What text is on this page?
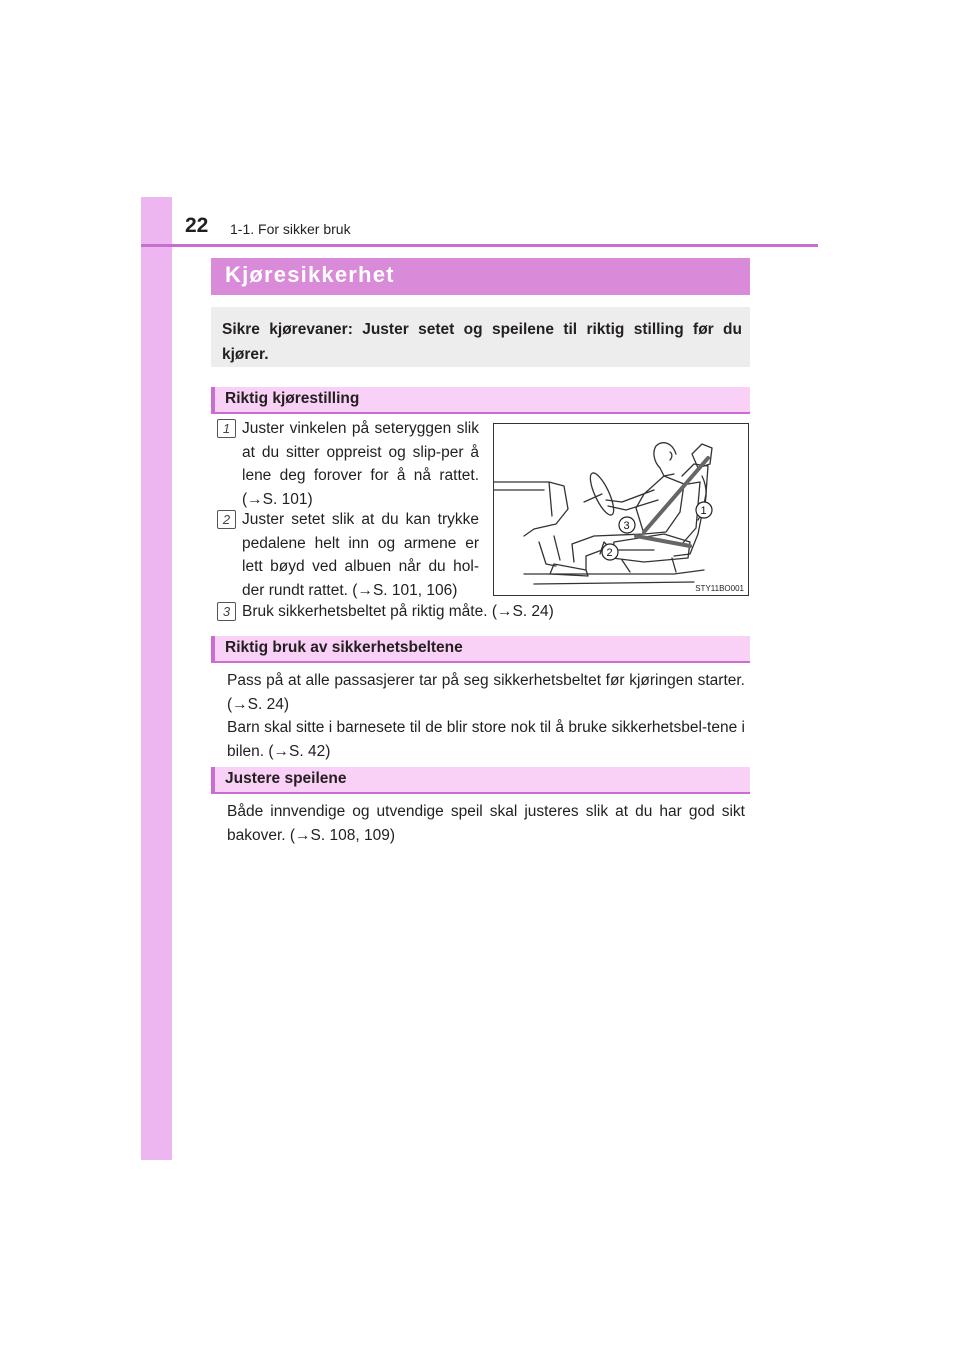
22 1-1. For sikker bruk
Kjøresikkerhet
Sikre kjørevaner: Juster setet og speilene til riktig stilling før du kjører.
Riktig kjørestilling
1 Juster vinkelen på seteryggen slik at du sitter oppreist og slip-per å lene deg forover for å nå rattet. (→S. 101)
2 Juster setet slik at du kan trykke pedalene helt inn og armene er lett bøyd ved albuen når du hol-der rundt rattet. (→S. 101, 106)
3 Bruk sikkerhetsbeltet på riktig måte. (→S. 24)
1
2
3
STY11BO001
Riktig bruk av sikkerhetsbeltene
Pass på at alle passasjerer tar på seg sikkerhetsbeltet før kjøringen starter. (→S. 24)
Barn skal sitte i barnesete til de blir store nok til å bruke sikkerhetsbel-tene i bilen. (→S. 42)
Justere speilene
Både innvendige og utvendige speil skal justeres slik at du har god sikt bakover. (→S. 108, 109)
